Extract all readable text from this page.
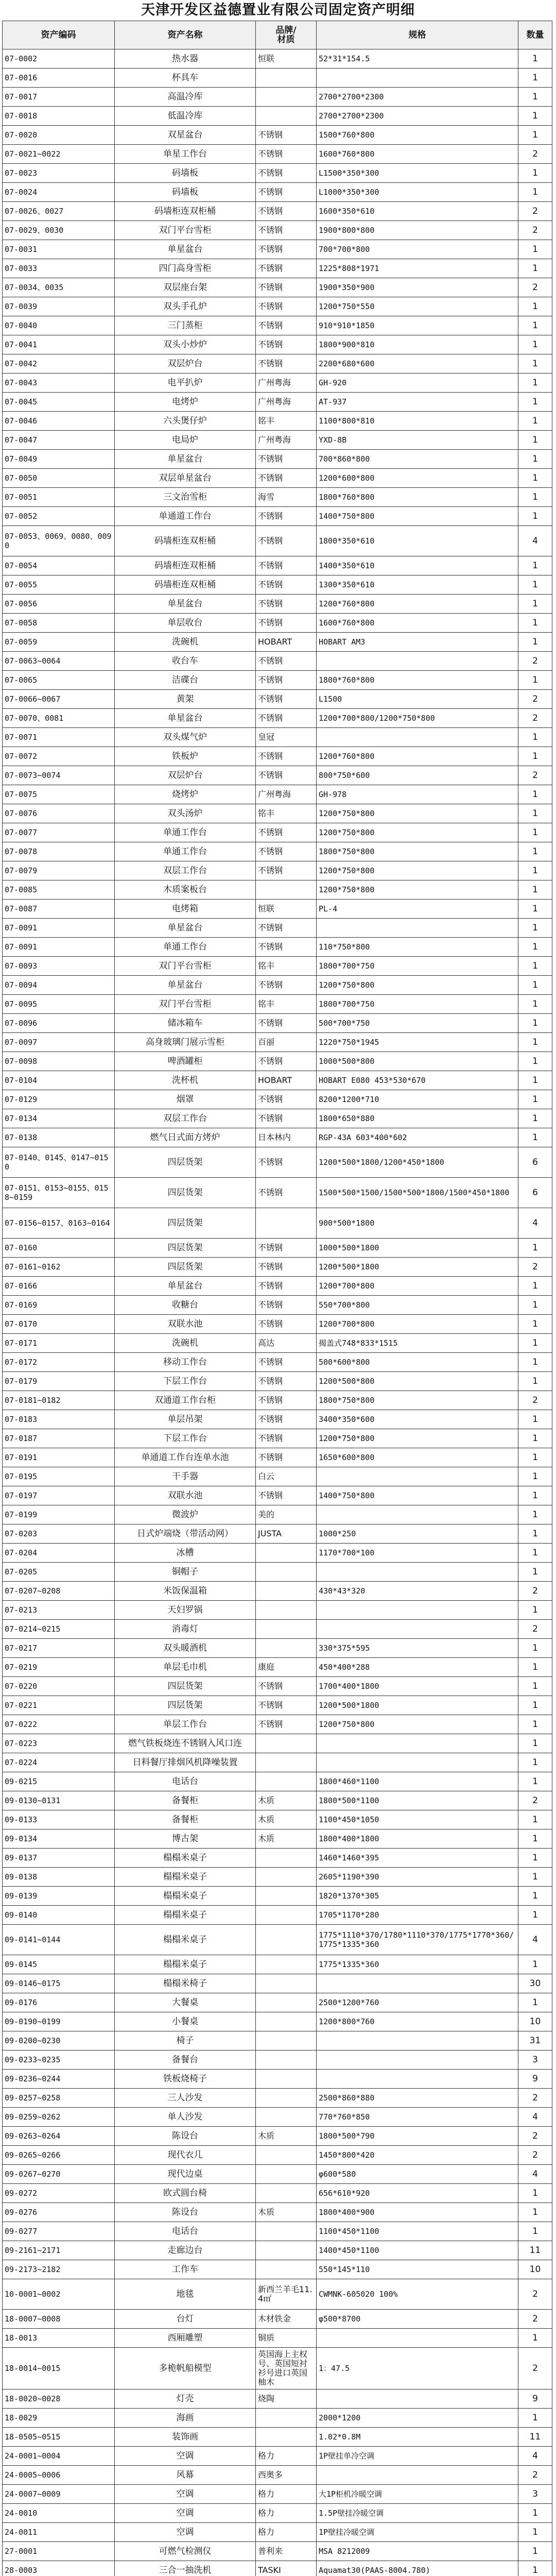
天津开发区益德置业有限公司固定资产明细
资产编码	资产名称	品牌/
材质	规格	数量
07-0002	热水器	恒联	52*31*154.5	1
07-0016	杯具车			1
07-0017	高温冷库		2700*2700*2300	1
07-0018	低温冷库		2700*2700*2300	1
07-0020	双星盆台	不锈钢	1500*760*800	1
07-0021~0022	单星工作台	不锈钢	1600*760*800	2
07-0023	码墙板	不锈钢	L1500*350*300	1
07-0024	码墙板	不锈钢	L1000*350*300	1
07-0026、0027	码墙柜连双柜桶	不锈钢	1600*350*610	2
07-0029、0030	双门平台雪柜	不锈钢	1900*800*800	2
07-0031	单星盆台	不锈钢	700*700*800	1
07-0033	四门高身雪柜	不锈钢	1225*808*1971	1
07-0034、0035	双层座台架	不锈钢	1900*350*900	2
07-0039	双头手孔炉	不锈钢	1200*750*550	1
07-0040	三门蒸柜	不锈钢	910*910*1850	1
07-0041	双头小炒炉	不锈钢	1800*900*810	1
07-0042	双层炉台	不锈钢	2200*680*600	1
07-0043	电平扒炉	广州粤海	GH-920	1
07-0045	电烤炉	广州粤海	AT-937	1
07-0046	六头煲仔炉	铭丰	1100*800*810	1
07-0047	电局炉	广州粤海	YXD-8B	1
07-0049	单星盆台	不锈钢	700*860*800	1
07-0050	双层单星盆台	不锈钢	1200*600*800	1
07-0051	三文治雪柜	海雪	1800*760*800	1
07-0052	单通道工作台	不锈钢	1400*750*800	1
07-0053、0069、0080、0090	码墙柜连双柜桶	不锈钢	1800*350*610	4
07-0054	码墙柜连双柜桶	不锈钢	1400*350*610	1
07-0055	码墙柜连双柜桶	不锈钢	1300*350*610	1
07-0056	单星盆台	不锈钢	1200*760*800	1
07-0058	单层收台	不锈钢	1600*760*800	1
07-0059	洗碗机	HOBART	HOBART AM3	1
07-0063~0064	收台车	不锈钢		2
07-0065	洁碟台	不锈钢	1800*760*800	1
07-0066~0067	黄架	不锈钢	L1500	2
07-0070、0081	单星盆台	不锈钢	1200*700*800/1200*750*800	2
07-0071	双头煤气炉	皇冠		1
07-0072	铁板炉	不锈钢	1200*760*800	1
07-0073~0074	双层炉台	不锈钢	800*750*600	2
07-0075	烧烤炉	广州粤海	GH-978	1
07-0076	双头汤炉	铭丰	1200*750*800	1
07-0077	单通工作台	不锈钢	1200*750*800	1
07-0078	单通工作台	不锈钢	1800*750*800	1
07-0079	双层工作台	不锈钢	1200*750*800	1
07-0085	木质案板台		1200*750*800	1
07-0087	电烤箱	恒联	PL-4	1
07-0091	单星盆台	不锈钢		1
07-0091	单通工作台	不锈钢	110*750*800	1
07-0093	双门平台雪柜	铭丰	1800*700*750	1
07-0094	单星盆台	不锈钢	1200*750*800	1
07-0095	双门平台雪柜	铭丰	1800*700*750	1
07-0096	储冰箱车	不锈钢	500*700*750	1
07-0097	高身玻璃门展示雪柜	百丽	1220*750*1945	1
07-0098	啤酒罐柜	不锈钢	1000*500*800	1
07-0104	洗杯机	HOBART	HOBART E080 453*530*670	1
07-0129	烟罩	不锈钢	8200*1200*710	1
07-0134	双层工作台	不锈钢	1800*650*880	1
07-0138	燃气日式面方烤炉	日本林内	RGP-43A 603*400*602	1
07-0140、0145、0147~0150	四层货架	不锈钢	1200*500*1800/1200*450*1800	6
07-0151、0153~0155、0158~0159	四层货架	不锈钢	1500*500*1500/1500*500*1800/1500*450*1800	6
07-0156~0157、0163~0164	四层货架		900*500*1800	4
07-0160	四层货架	不锈钢	1000*500*1800	1
07-0161~0162	四层货架	不锈钢	1200*500*1800	2
07-0166	单星盆台	不锈钢	1200*700*800	1
07-0169	收糖台	不锈钢	550*700*800	1
07-0170	双联水池	不锈钢	1200*700*800	1
07-0171	洗碗机	高达	揭盖式748*833*1515	1
07-0172	移动工作台	不锈钢	500*600*800	1
07-0179	下层工作台	不锈钢	1200*500*800	1
07-0181~0182	双通道工作台柜	不锈钢	1800*750*800	2
07-0183	单层吊架	不锈钢	3400*350*600	1
07-0187	下层工作台	不锈钢	1200*750*800	1
07-0191	单通道工作台连单水池	不锈钢	1650*600*800	1
07-0195	干手器	白云		1
07-0197	双联水池	不锈钢	1400*750*800	1
07-0199	微波炉	美的		1
07-0203	日式炉端烧（带活动网）	JUSTA	1000*250	1
07-0204	冰槽		1170*700*100	1
07-0205	铜帽子			1
07-0207~0208	米饭保温箱		430*43*320	2
07-0213	天妇罗锅			1
07-0214~0215	消毒灯			2
07-0217	双头暖酒机		330*375*595	1
07-0219	单层毛巾机	康庭	450*400*288	1
07-0220	四层货架	不锈钢	1700*400*1800	1
07-0221	四层货架	不锈钢	1200*500*1800	1
07-0222	单层工作台	不锈钢	1200*750*800	1
07-0223	燃气铁板烧连不锈钢入风口连			1
07-0224	日料餐厅排烟风机降噪装置			1
09-0215	电话台		1800*460*1100	1
09-0130~0131	备餐柜	木质	1800*500*1100	2
09-0133	备餐柜	木质	1100*450*1050	1
09-0134	博古架	木质	1800*400*1800	1
09-0137	榻榻米桌子		1460*1460*395	1
09-0138	榻榻米桌子		2605*1190*390	1
09-0139	榻榻米桌子		1820*1370*305	1
09-0140	榻榻米桌子		1705*1170*280	1
09-0141~0144	榻榻米桌子		1775*1110*370/1780*1110*370/1775*1770*360/1775*1335*360	4
09-0145	榻榻米桌子		1775*1335*360	1
09-0146~0175	榻榻米椅子			30
09-0176	大餐桌		2500*1200*760	1
09-0190~0199	小餐桌		1200*800*760	10
09-0200~0230	椅子			31
09-0233~0235	备餐台			3
09-0236~0244	铁板烧椅子			9
09-0257~0258	三人沙发		2500*860*880	2
09-0259~0262	单人沙发		770*760*850	4
09-0263~0264	陈设台	木质	1800*500*790	2
09-0265~0266	现代衣几		1450*800*420	2
09-0267~0270	现代边桌		φ600*580	4
09-0272	欧式圆台椅		656*610*920	1
09-0276	陈设台	木质	1800*400*900	1
09-0277	电话台		1100*450*1100	1
09-2161~2171	走廊边台		1400*450*1100	11
09-2173~2182	工作车		550*145*110	10
10-0001~0002	地毯	新西兰羊毛11.4㎡	CWMNK-605020 100%	2
18-0007~0008	台灯	木材铁金	φ500*8700	2
18-0013	西厢雕塑	铜质		1
18-0014~0015	多桅帆船模型	英国海上主权号、英国短衬衫号进口英国柚木	1：47.5	2
18-0020~0028	灯壳	烧陶		9
18-0029	海画		2000*1200	1
18-0505~0515	装饰画		1.02*0.8M	11
24-0001~0004	空调	格力	1P壁挂单冷空调	4
24-0005~0006	风幕	西奥多		2
24-0007~0009	空调	格力	大1P柜机冷暖空调	3
24-0010	空调	格力	1.5P壁挂冷暖空调	1
24-0011	空调	格力	1P壁挂冷暖空调	1
27-0001	可燃气检测仪	普利来	MSA 8212009	1
28-0003	三合一抽洗机	TASKI	Aquamat30(PAAS-8004.780)	1
